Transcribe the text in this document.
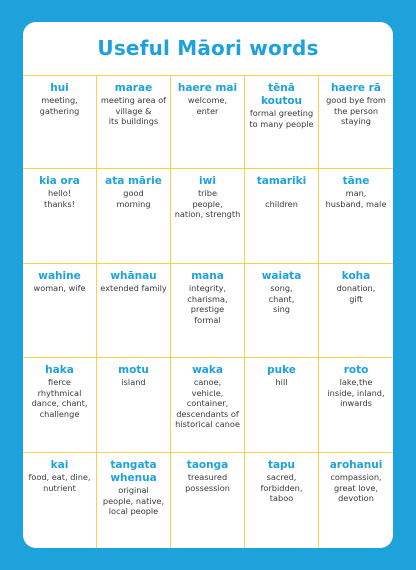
Useful Māori words
hui
meeting,
gathering
marae
meeting area of
village &
its buildings
haere mai
welcome,
enter
tēnā koutou
formal greeting
to many people
haere rā
good bye from
the person
staying
kia ora
hello!
thanks!
ata mārie
good
morning
iwi
tribe
people,
nation, strength
tamariki

children
tāne
man,
husband, male
wahine
woman, wife
whānau
extended family
mana
integrity,
charisma,
prestige
formal
waiata
song,
chant,
sing
koha
donation,
gift
haka
fierce
rhythmical
dance, chant,
challenge
motu
island
waka
canoe,
vehicle,
container,
descendants of
historical canoe
puke
hill
roto
lake,the
inside, inland,
inwards
kai
food, eat, dine,
nutrient
tangata
whenua
original
people, native,
local people
taonga
treasured
possession
tapu
sacred,
forbidden,
taboo
arohanui
compassion,
great love,
devotion
